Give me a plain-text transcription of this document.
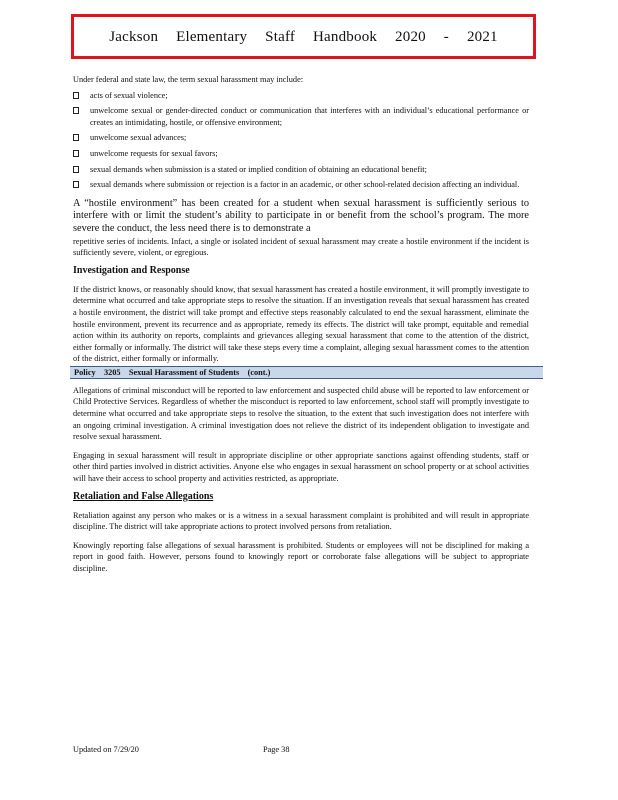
Jackson Elementary Staff Handbook 2020 - 2021

Under federal and state law, the term sexual harassment may include:

acts of sexual violence;
unwelcome sexual or gender-directed conduct or communication that interferes with an individual’s educational performance or creates an intimidating, hostile, or offensive environment;
unwelcome sexual advances;
unwelcome requests for sexual favors;
sexual demands when submission is a stated or implied condition of obtaining an educational benefit;
sexual demands where submission or rejection is a factor in an academic, or other school-related decision affecting an individual.

A “hostile environment” has been created for a student when sexual harassment is sufficiently serious to interfere with or limit the student’s ability to participate in or benefit from the school’s program. The more severe the conduct, the less need there is to demonstrate a

repetitive series of incidents. Infact, a single or isolated incident of sexual harassment may create a hostile environment if the incident is sufficiently severe, violent, or egregious.

Investigation and Response

If the district knows, or reasonably should know, that sexual harassment has created a hostile environment, it will promptly investigate to determine what occurred and take appropriate steps to resolve the situation. If an investigation reveals that sexual harassment has created a hostile environment, the district will take prompt and effective steps reasonably calculated to end the sexual harassment, eliminate the hostile environment, prevent its recurrence and as appropriate, remedy its effects. The district will take prompt, equitable and remedial action within its authority on reports, complaints and grievances alleging sexual harassment that come to the attention of the district, either formally or informally. The district will take these steps every time a complaint, alleging sexual harassment comes to the attention of the district, either formally or informally.

Policy 3205 Sexual Harassment of Students (cont.)

Allegations of criminal misconduct will be reported to law enforcement and suspected child abuse will be reported to law enforcement or Child Protective Services. Regardless of whether the misconduct is reported to law enforcement, school staff will promptly investigate to determine what occurred and take appropriate steps to resolve the situation, to the extent that such investigation does not interfere with an ongoing criminal investigation. A criminal investigation does not relieve the district of its independent obligation to investigate and resolve sexual harassment.

Engaging in sexual harassment will result in appropriate discipline or other appropriate sanctions against offending students, staff or other third parties involved in district activities. Anyone else who engages in sexual harassment on school property or at school activities will have their access to school property and activities restricted, as appropriate.

Retaliation and False Allegations

Retaliation against any person who makes or is a witness in a sexual harassment complaint is prohibited and will result in appropriate discipline. The district will take appropriate actions to protect involved persons from retaliation.

Knowingly reporting false allegations of sexual harassment is prohibited. Students or employees will not be disciplined for making a report in good faith. However, persons found to knowingly report or corroborate false allegations will be subject to appropriate discipline.

Updated on 7/29/20	Page 38
